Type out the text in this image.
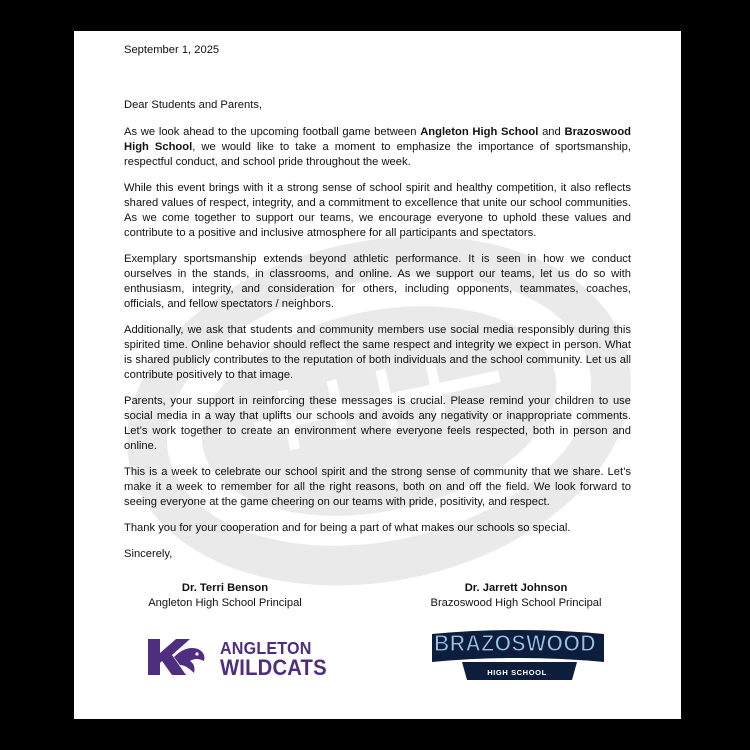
September 1, 2025

Dear Students and Parents,

As we look ahead to the upcoming football game between Angleton High School and Brazoswood High School, we would like to take a moment to emphasize the importance of sportsmanship, respectful conduct, and school pride throughout the week.

While this event brings with it a strong sense of school spirit and healthy competition, it also reflects shared values of respect, integrity, and a commitment to excellence that unite our school communities. As we come together to support our teams, we encourage everyone to uphold these values and contribute to a positive and inclusive atmosphere for all participants and spectators.

Exemplary sportsmanship extends beyond athletic performance. It is seen in how we conduct ourselves in the stands, in classrooms, and online. As we support our teams, let us do so with enthusiasm, integrity, and consideration for others, including opponents, teammates, coaches, officials, and fellow spectators / neighbors.

Additionally, we ask that students and community members use social media responsibly during this spirited time. Online behavior should reflect the same respect and integrity we expect in person. What is shared publicly contributes to the reputation of both individuals and the school community. Let us all contribute positively to that image.

Parents, your support in reinforcing these messages is crucial. Please remind your children to use social media in a way that uplifts our schools and avoids any negativity or inappropriate comments. Let’s work together to create an environment where everyone feels respected, both in person and online.

This is a week to celebrate our school spirit and the strong sense of community that we share. Let’s make it a week to remember for all the right reasons, both on and off the field. We look forward to seeing everyone at the game cheering on our teams with pride, positivity, and respect.

Thank you for your cooperation and for being a part of what makes our schools so special.

Sincerely,

Dr. Terri Benson
Angleton High School Principal
Dr. Jarrett Johnson
Brazoswood High School Principal
ANGLETON
WILDCATS
BRAZOSWOOD
HIGH SCHOOL
